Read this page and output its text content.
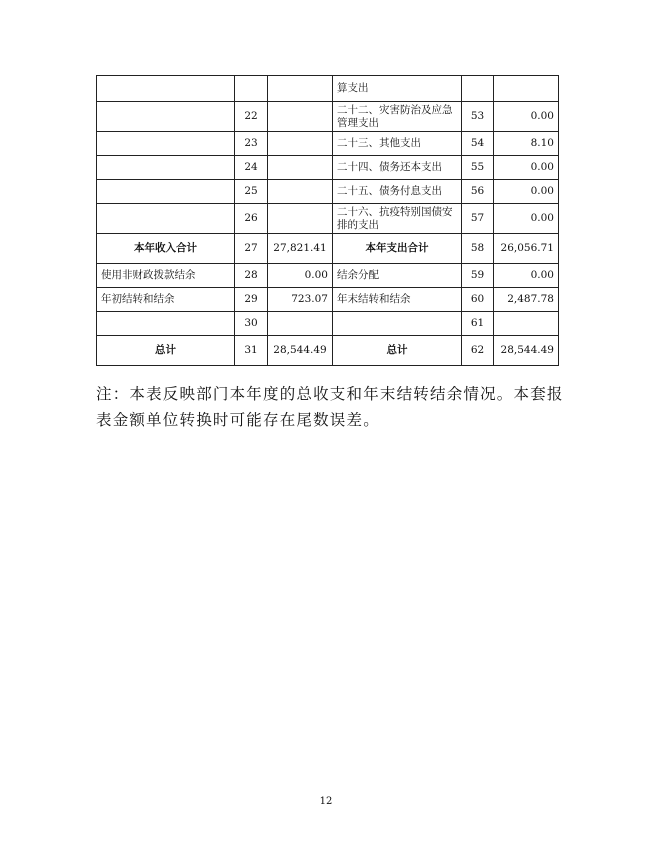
			算支出		
	22		二十二、灾害防治及应急管理支出	53	0.00
	23		二十三、其他支出	54	8.10
	24		二十四、债务还本支出	55	0.00
	25		二十五、债务付息支出	56	0.00
	26		二十六、抗疫特别国债安排的支出	57	0.00
本年收入合计	27	27,821.41	本年支出合计	58	26,056.71
使用非财政拨款结余	28	0.00	结余分配	59	0.00
年初结转和结余	29	723.07	年末结转和结余	60	2,487.78
	30			61	
总计	31	28,544.49	总计	62	28,544.49

注：本表反映部门本年度的总收支和年末结转结余情况。本套报表金额单位转换时可能存在尾数误差。

12
